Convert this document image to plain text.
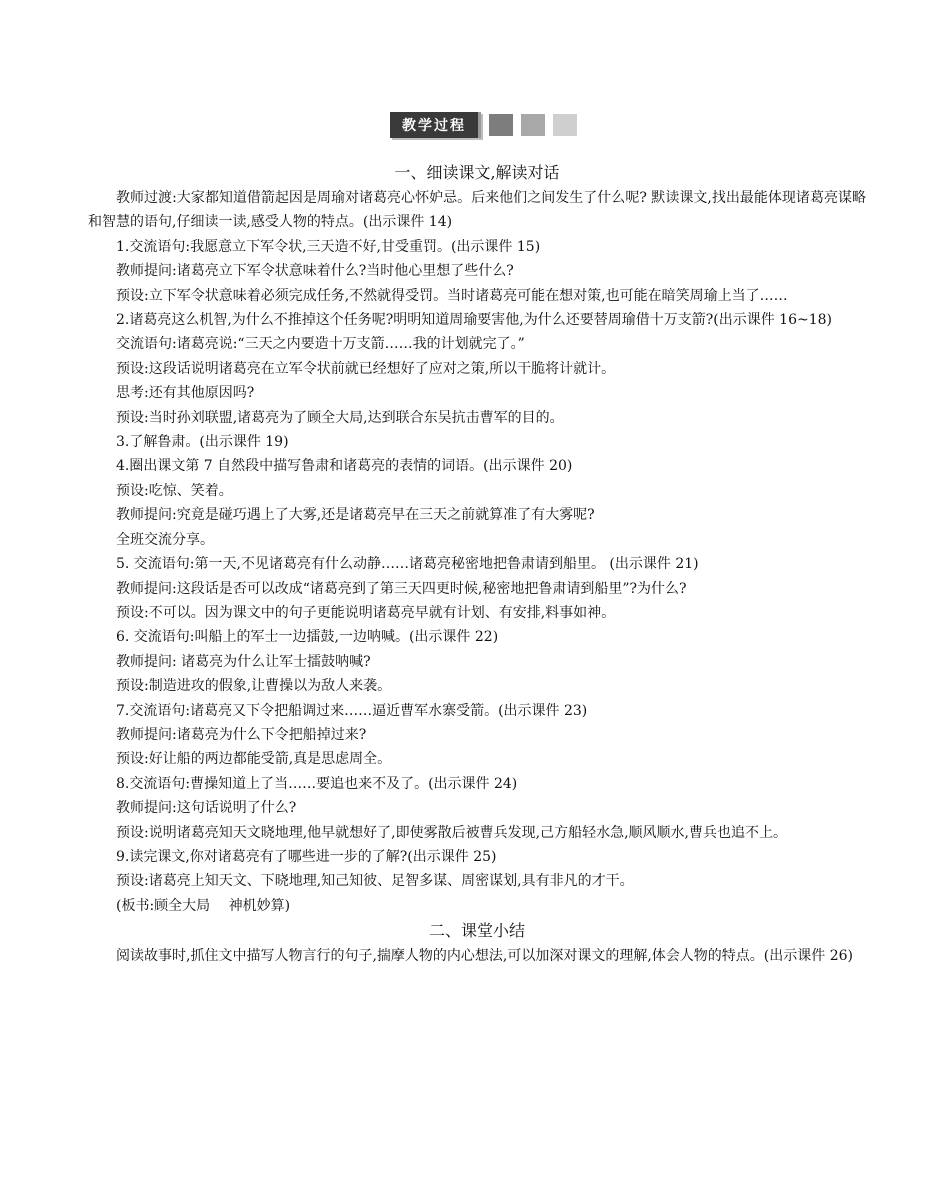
教学过程
一、细读课文,解读对话

教师过渡:大家都知道借箭起因是周瑜对诸葛亮心怀妒忌。后来他们之间发生了什么呢? 默读课文,找出最能体现诸葛亮谋略和智慧的语句,仔细读一读,感受人物的特点。(出示课件 14)

1.交流语句:我愿意立下军令状,三天造不好,甘受重罚。(出示课件 15)

教师提问:诸葛亮立下军令状意味着什么?当时他心里想了些什么?

预设:立下军令状意味着必须完成任务,不然就得受罚。当时诸葛亮可能在想对策,也可能在暗笑周瑜上当了……

2.诸葛亮这么机智,为什么不推掉这个任务呢?明明知道周瑜要害他,为什么还要替周瑜借十万支箭?(出示课件 16~18)

交流语句:诸葛亮说:“三天之内要造十万支箭……我的计划就完了。”

预设:这段话说明诸葛亮在立军令状前就已经想好了应对之策,所以干脆将计就计。

思考:还有其他原因吗?

预设:当时孙刘联盟,诸葛亮为了顾全大局,达到联合东吴抗击曹军的目的。

3.了解鲁肃。(出示课件 19)

4.圈出课文第 7 自然段中描写鲁肃和诸葛亮的表情的词语。(出示课件 20)

预设:吃惊、笑着。

教师提问:究竟是碰巧遇上了大雾,还是诸葛亮早在三天之前就算准了有大雾呢?

全班交流分享。

5. 交流语句:第一天,不见诸葛亮有什么动静……诸葛亮秘密地把鲁肃请到船里。 (出示课件 21)

教师提问:这段话是否可以改成“诸葛亮到了第三天四更时候,秘密地把鲁肃请到船里”?为什么?

预设:不可以。因为课文中的句子更能说明诸葛亮早就有计划、有安排,料事如神。

6. 交流语句:叫船上的军士一边擂鼓,一边呐喊。(出示课件 22)

教师提问: 诸葛亮为什么让军士擂鼓呐喊?

预设:制造进攻的假象,让曹操以为敌人来袭。

7.交流语句:诸葛亮又下令把船调过来……逼近曹军水寨受箭。(出示课件 23)

教师提问:诸葛亮为什么下令把船掉过来?

预设:好让船的两边都能受箭,真是思虑周全。

8.交流语句:曹操知道上了当……要追也来不及了。(出示课件 24)

教师提问:这句话说明了什么?

预设:说明诸葛亮知天文晓地理,他早就想好了,即使雾散后被曹兵发现,己方船轻水急,顺风顺水,曹兵也追不上。

9.读完课文,你对诸葛亮有了哪些进一步的了解?(出示课件 25)

预设:诸葛亮上知天文、下晓地理,知己知彼、足智多谋、周密谋划,具有非凡的才干。

(板书:顾全大局　 神机妙算)

二、课堂小结

阅读故事时,抓住文中描写人物言行的句子,揣摩人物的内心想法,可以加深对课文的理解,体会人物的特点。(出示课件 26)
